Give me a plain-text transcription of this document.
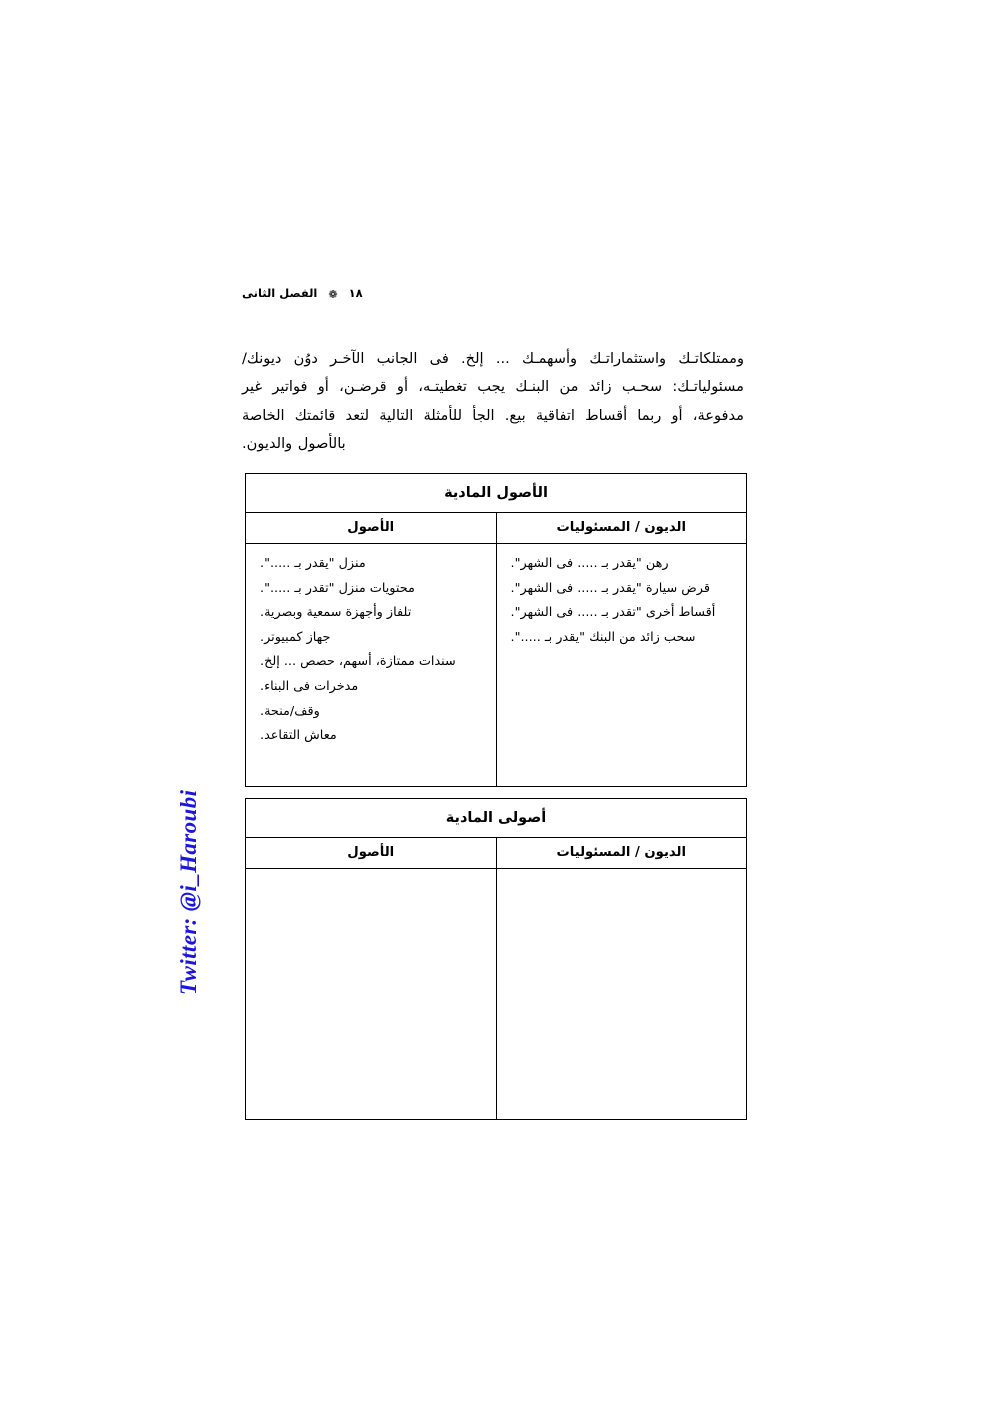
١٨ ❁ الفصل الثانى

وممتلكاتـك واستثماراتـك وأسهمـك ... إلخ. فى الجانب الآخـر دوُن ديونك/ مسئولياتـك: سحـب زائد من البنـك يجب تغطيتـه، أو قرضـن، أو فواتير غير مدفوعة، أو ربما أقساط اتفاقية بيع. الجأ للأمثلة التالية لتعد قائمتك الخاصة بالأصول والديون.

الأصول المادية	
الديون / المسئوليات	الأصول

رهن "يقدر بـ ..... فى الشهر".
قرض سيارة "يقدر بـ ..... فى الشهر".
أقساط أخرى "تقدر بـ ..... فى الشهر".
سحب زائد من البنك "يقدر بـ .....".

منزل "يقدر بـ .....".
محتويات منزل "تقدر بـ .....".
تلفاز وأجهزة سمعية وبصرية.
جهاز كمبيوتر.
سندات ممتازة، أسهم، حصص ... إلخ.
مدخرات فى البناء.
وقف/منحة.
معاش التقاعد.
أصولى المادية	
الديون / المسئوليات	الأصول

Twitter: @i_Haroubi
